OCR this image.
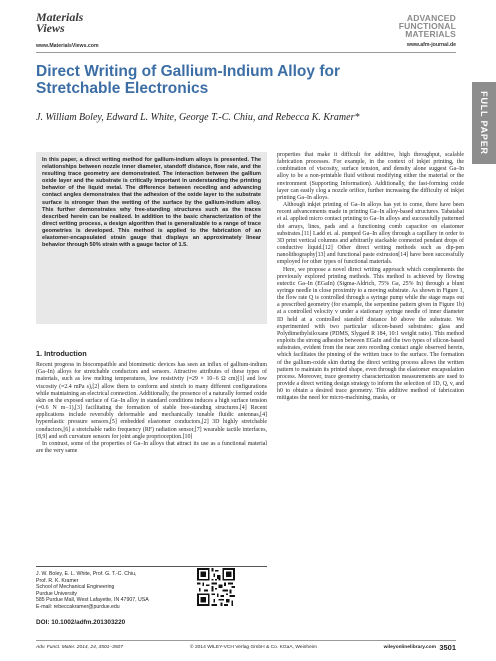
Materials Views
www.MaterialsViews.com
ADVANCED
FUNCTIONAL
MATERIALS
www.afm-journal.de
FULL PAPER
Direct Writing of Gallium-Indium Alloy for Stretchable Electronics
J. William Boley, Edward L. White, George T.-C. Chiu, and Rebecca K. Kramer*

In this paper, a direct writing method for gallium-indium alloys is presented. The relationships between nozzle inner diameter, standoff distance, flow rate, and the resulting trace geometry are demonstrated. The interaction between the gallium oxide layer and the substrate is critically important in understanding the printing behavior of the liquid metal. The difference between receding and advancing contact angles demonstrates that the adhesion of the oxide layer to the substrate surface is stronger than the wetting of the surface by the gallium-indium alloy. This further demonstrates why free-standing structures such as the traces described herein can be realized. In addition to the basic characterization of the direct writing process, a design algorithm that is generalizable to a range of trace geometries is developed. This method is applied to the fabrication of an elastomer-encapsulated strain gauge that displays an approximately linear behavior through 50% strain with a gauge factor of 1.5.

properties that make it difficult for additive, high throughput, scalable fabrication processes. For example, in the context of inkjet printing, the combination of viscosity, surface tension, and density alone suggest Ga–In alloy to be a non-printable fluid without modifying either the material or the environment (Supporting Information). Additionally, the fast-forming oxide layer can easily clog a nozzle orifice, further increasing the difficulty of inkjet printing Ga–In alloys.

Although inkjet printing of Ga–In alloys has yet to come, there have been recent advancements made in printing Ga–In alloy-based structures. Tabatabai et al. applied micro contact printing to Ga–In alloys and successfully patterned dot arrays, lines, pads and a functioning comb capacitor on elastomer substrates.[11] Ladd et. al. pumped Ga–In alloy through a capillary in order to 3D print vertical columns and arbitrarily stackable connected pendant drops of conductive liquid.[12] Other direct writing methods such as dip-pen nanolithography[13] and functional paste extrusion[14] have been successfully employed for other types of functional materials.

Here, we propose a novel direct writing approach which complements the previously explored printing methods. This method is achieved by flowing eutectic Ga–In (EGaIn) (Sigma-Aldrich, 75% Ga, 25% In) through a blunt syringe needle in close proximity to a moving substrate. As shown in Figure 1, the flow rate Q is controlled through a syringe pump while the stage maps out a prescribed geometry (for example, the serpentine pattern given in Figure 1b) at a controlled velocity v under a stationary syringe needle of inner diameter ID held at a controlled standoff distance h0 above the substrate. We experimented with two particular silicon-based substrates: glass and Polydimethylsiloxane (PDMS, Slygard R 184, 10:1 weight ratio). This method exploits the strong adhesion between EGaIn and the two types of silicon-based substrates, evident from the near zero receding contact angle observed herein, which facilitates the pinning of the written trace to the surface. The formation of the gallium-oxide skin during the direct writing process allows the written pattern to maintain its printed shape, even through the elastomer encapsulation process. Moreover, trace geometry characterization measurements are used to provide a direct writing design strategy to inform the selection of 1D, Q, v, and h0 to obtain a desired trace geometry. This additive method of fabrication mitigates the need for micro-machining, masks, or

1. Introduction

Recent progress in biocompatible and biomimetic devices has seen an influx of gallium-indium (Ga–In) alloys for stretchable conductors and sensors. Attractive attributes of these types of materials, such as low melting temperatures, low resistivity (≈29 × 10−6 Ω cm)[1] and low viscosity (≈2.4 mPa s),[2] allow them to conform and stretch to many different configurations while maintaining an electrical connection. Additionally, the presence of a naturally formed oxide skin on the exposed surface of Ga–In alloy in standard conditions induces a high surface tension (≈0.6 N m−1),[3] facilitating the formation of stable free-standing structures.[4] Recent applications include reversibly deformable and mechanically tunable fluidic antennas,[4] hyperelastic pressure sensors,[5] embedded elastomer conductors,[2] 3D highly stretchable conductors,[6] a stretchable radio frequency (RF) radiation sensor,[7] wearable tactile interfaces,[8,9] and soft curvature sensors for joint angle proprioception.[10]

In contrast, some of the properties of Ga–In alloys that attract its use as a functional material are the very same

J. W. Boley, E. L. White, Prof. G. T.-C. Chiu,
Prof. R. K. Kramer
School of Mechanical Engineering
Purdue University
585 Purdue Mall, West Lafayette, IN 47907, USA
E-mail: rebeccakramer@purdue.edu
DOI: 10.1002/adfm.201303220
Adv. Funct. Mater. 2014, 24, 3501–3507	© 2014 WILEY-VCH Verlag GmbH & Co. KGaA, Weinheim	wileyonlinelibrary.com 3501
